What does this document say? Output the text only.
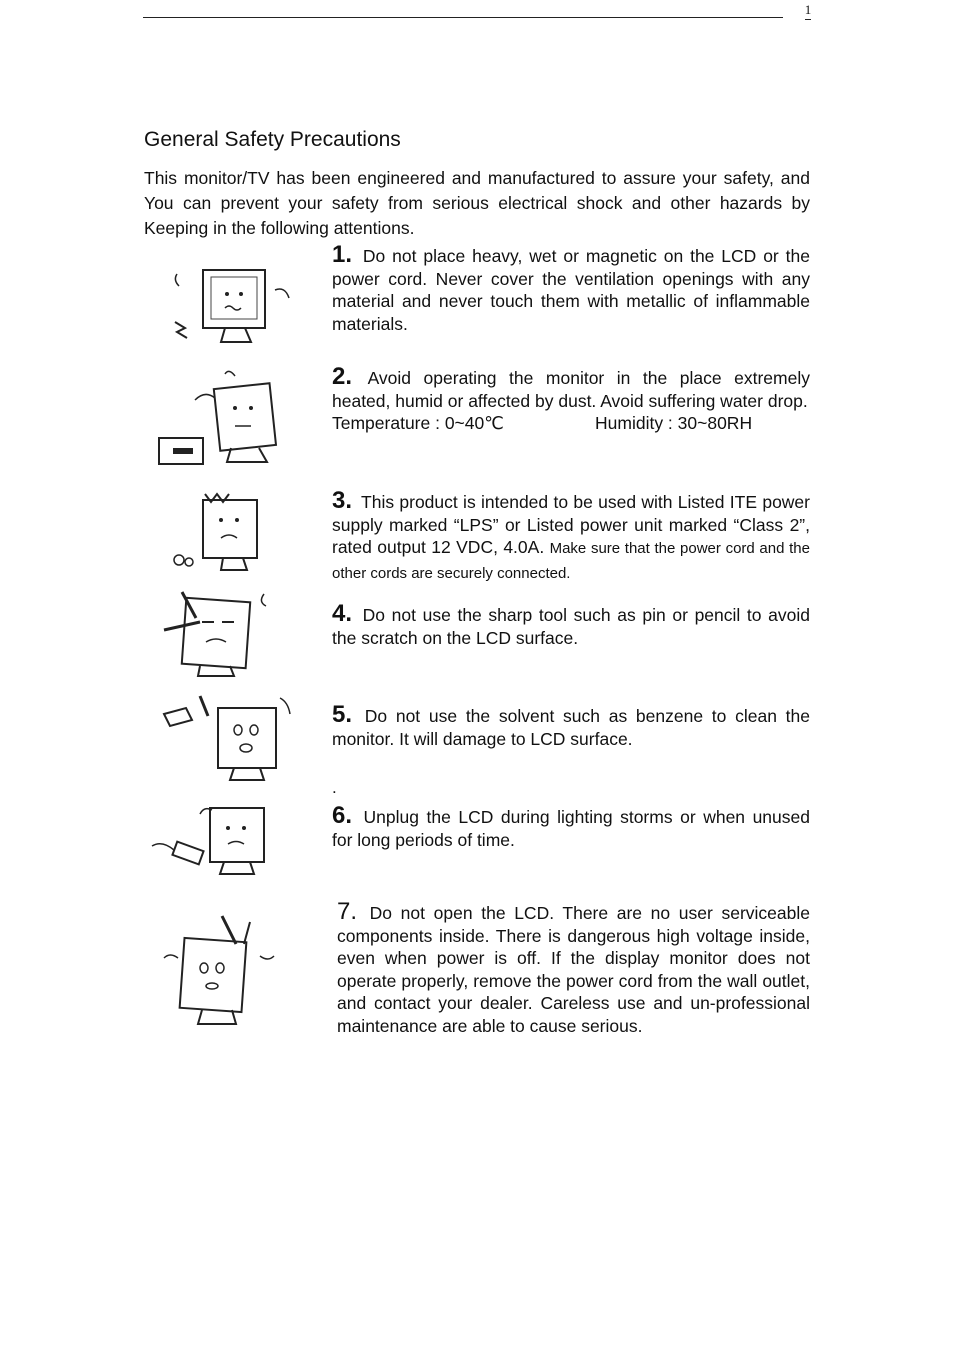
1
General Safety Precautions

This monitor/TV has been engineered and manufactured to assure your safety, and You can prevent your safety from serious electrical shock and other hazards by Keeping in the following attentions.

1. Do not place heavy, wet or magnetic on the LCD or the power cord. Never cover the ventilation openings with any material and never touch them with metallic of inflammable materials.

2. Avoid operating the monitor in the place extremely heated, humid or affected by dust. Avoid suffering water drop.

Temperature : 0~40℃	Humidity : 30~80RH

3. This product is intended to be used with Listed ITE power supply marked “LPS” or Listed power unit marked “Class 2”, rated output 12 VDC, 4.0A. Make sure that the power cord and the other cords are securely connected.

4. Do not use the sharp tool such as pin or pencil to avoid the scratch on the LCD surface.

5. Do not use the solvent such as benzene to clean the monitor. It will damage to LCD surface.

.

6. Unplug the LCD during lighting storms or when unused for long periods of time.

7. Do not open the LCD. There are no user serviceable components inside. There is dangerous high voltage inside, even when power is off. If the display monitor does not operate properly, remove the power cord from the wall outlet, and contact your dealer. Careless use and un-professional maintenance are able to cause serious.
